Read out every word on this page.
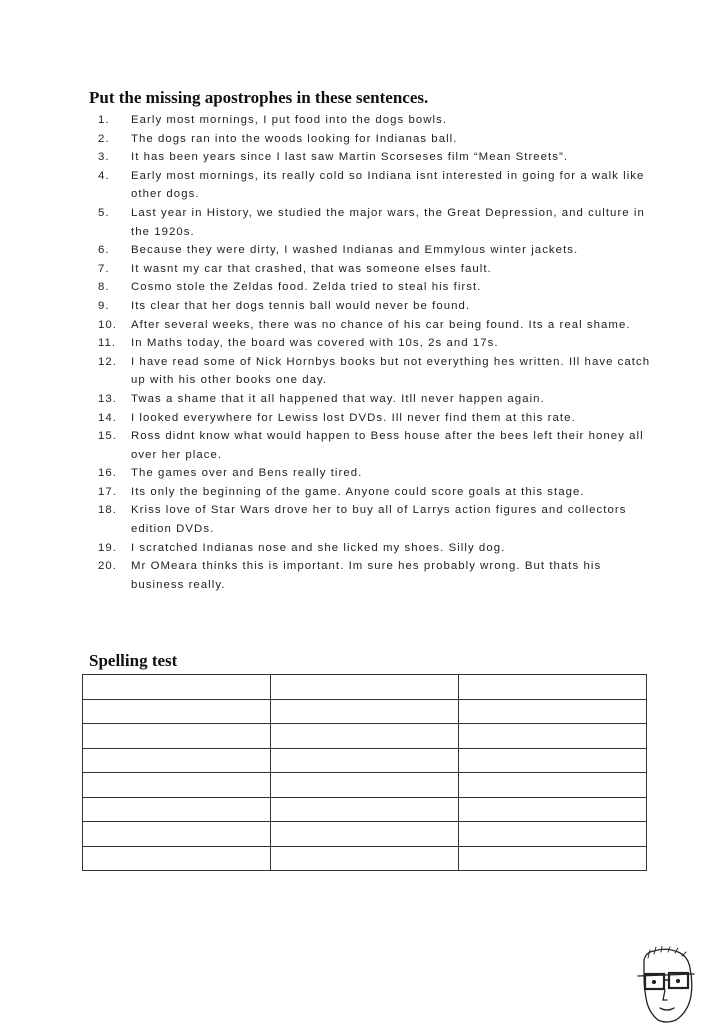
Put the missing apostrophes in these sentences.
1.	Early most mornings, I put food into the dogs bowls.
2.	The dogs ran into the woods looking for Indianas ball.
3.	It has been years since I last saw Martin Scorseses film “Mean Streets”.
4.	Early most mornings, its really cold so Indiana isnt interested in going for a walk like other dogs.
5.	Last year in History, we studied the major wars, the Great Depression, and culture in the 1920s.
6.	Because they were dirty, I washed Indianas and Emmylous winter jackets.
7.	It wasnt my car that crashed, that was someone elses fault.
8.	Cosmo stole the Zeldas food. Zelda tried to steal his first.
9.	Its clear that her dogs tennis ball would never be found.
10.	After several weeks, there was no chance of his car being found. Its a real shame.
11.	In Maths today, the board was covered with 10s, 2s and 17s.
12.	I have read some of Nick Hornbys books but not everything hes written. Ill have catch up with his other books one day.
13.	Twas a shame that it all happened that way. Itll never happen again.
14.	I looked everywhere for Lewiss lost DVDs. Ill never find them at this rate.
15.	Ross didnt know what would happen to Bess house after the bees left their honey all over her place.
16.	The games over and Bens really tired.
17.	Its only the beginning of the game. Anyone could score goals at this stage.
18.	Kriss love of Star Wars drove her to buy all of Larrys action figures and collectors edition DVDs.
19.	I scratched Indianas nose and she licked my shoes. Silly dog.
20.	Mr OMeara thinks this is important. Im sure hes probably wrong. But thats his business really.
Spelling test
